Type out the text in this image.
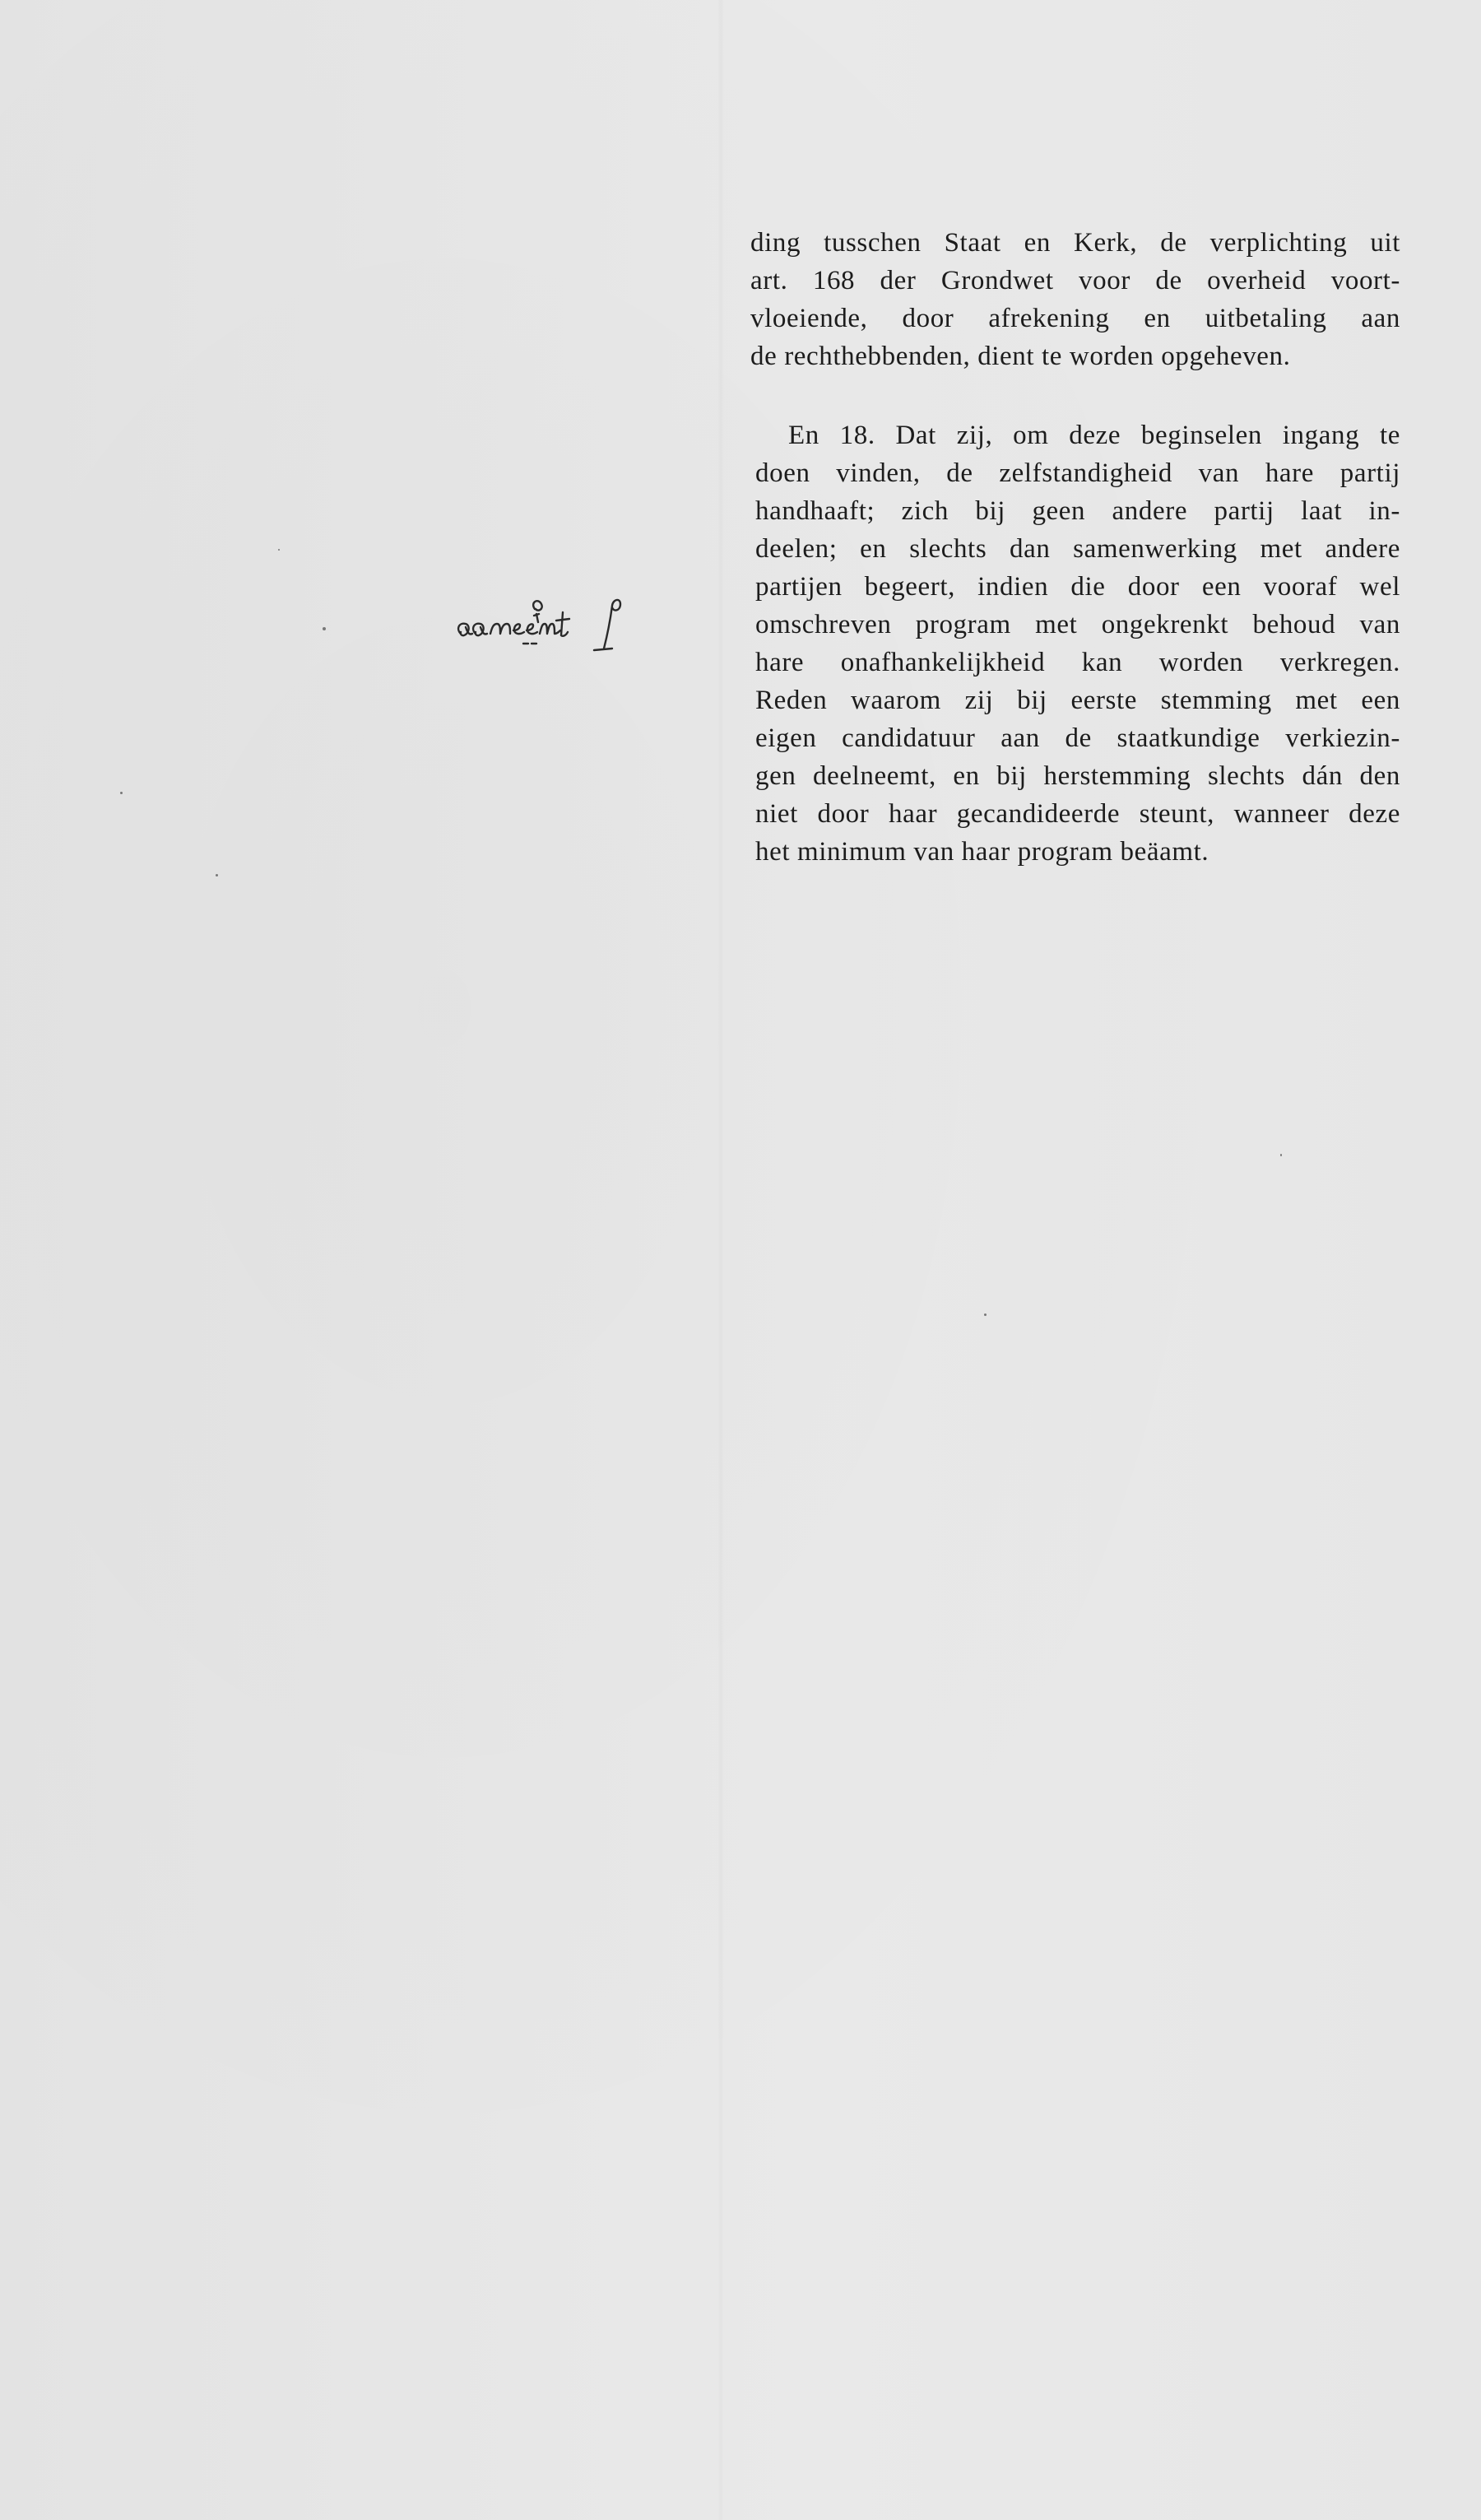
ding tusschen Staat en Kerk, de verplichting uit
art. 168 der Grondwet voor de overheid voort-
vloeiende, door afrekening en uitbetaling aan
de rechthebbenden, dient te worden opgeheven.
En 18. Dat zij, om deze beginselen ingang te
doen vinden, de zelfstandigheid van hare partij
handhaaft; zich bij geen andere partij laat in-
deelen; en slechts dan samenwerking met andere
partijen begeert, indien die door een vooraf wel
omschreven program met ongekrenkt behoud van
hare onafhankelijkheid kan worden verkregen.
Reden waarom zij bij eerste stemming met een
eigen candidatuur aan de staatkundige verkiezin-
gen deelneemt, en bij herstemming slechts dán den
niet door haar gecandideerde steunt, wanneer deze
het minimum van haar program beäamt.
